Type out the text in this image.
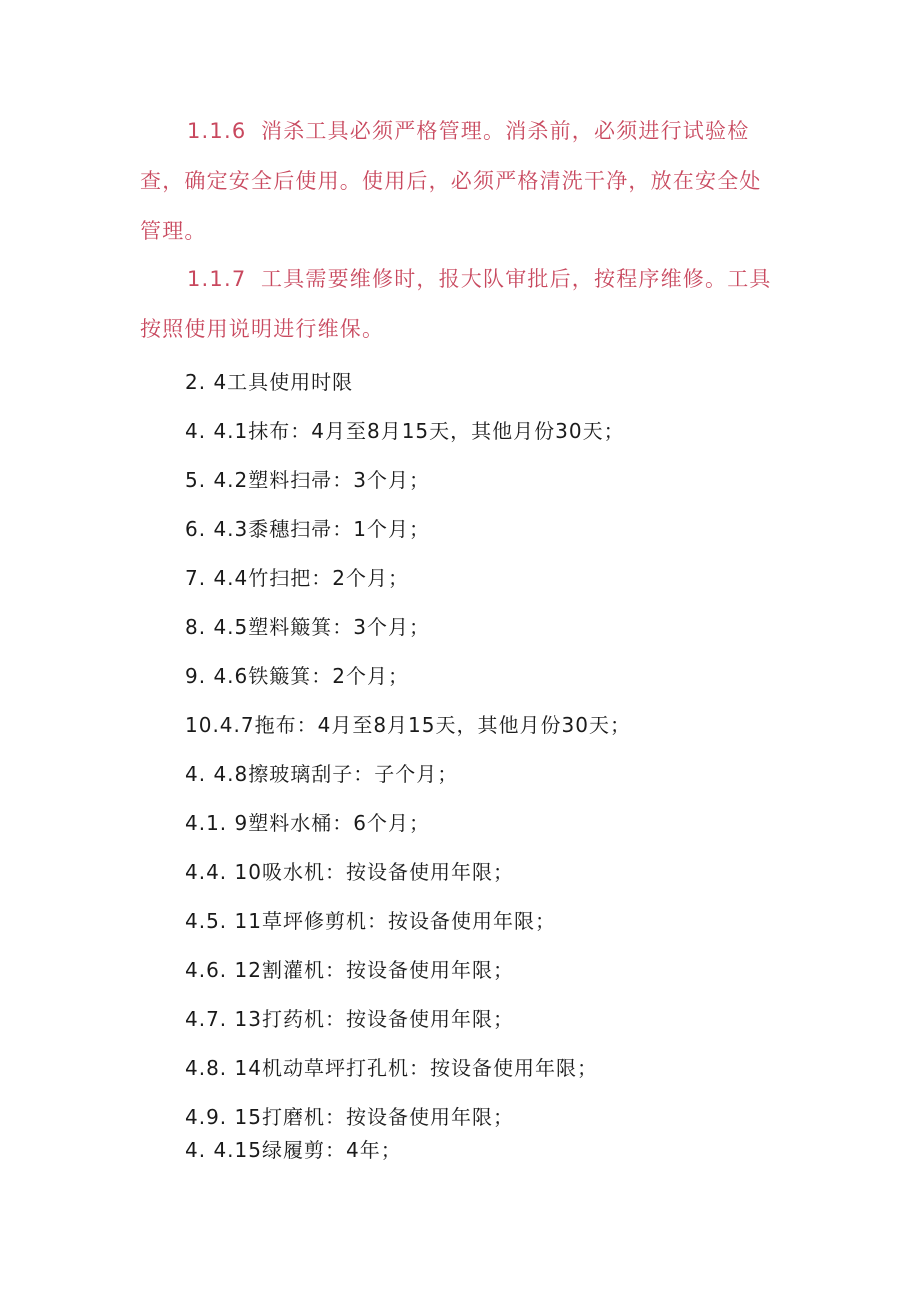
1.1.6 消杀工具必须严格管理。消杀前，必须进行试验检
查，确定安全后使用。使用后，必须严格清洗干净，放在安全处
管理。
1.1.7 工具需要维修时，报大队审批后，按程序维修。工具
按照使用说明进行维保。
2. 4工具使用时限
4. 4.1抹布：4月至8月15天，其他月份30天；
5. 4.2塑料扫帚：3个月；
6. 4.3黍穗扫帚：1个月；
7. 4.4竹扫把：2个月；
8. 4.5塑料簸箕：3个月；
9. 4.6铁簸箕：2个月；
10.4.7拖布：4月至8月15天，其他月份30天；
4. 4.8擦玻璃刮子：子个月；
4.1. 9塑料水桶：6个月；
4.4. 10吸水机：按设备使用年限；
4.5. 11草坪修剪机：按设备使用年限；
4.6. 12割灌机：按设备使用年限；
4.7. 13打药机：按设备使用年限；
4.8. 14机动草坪打孔机：按设备使用年限；
4.9. 15打磨机：按设备使用年限；
4. 4.15绿履剪：4年；
